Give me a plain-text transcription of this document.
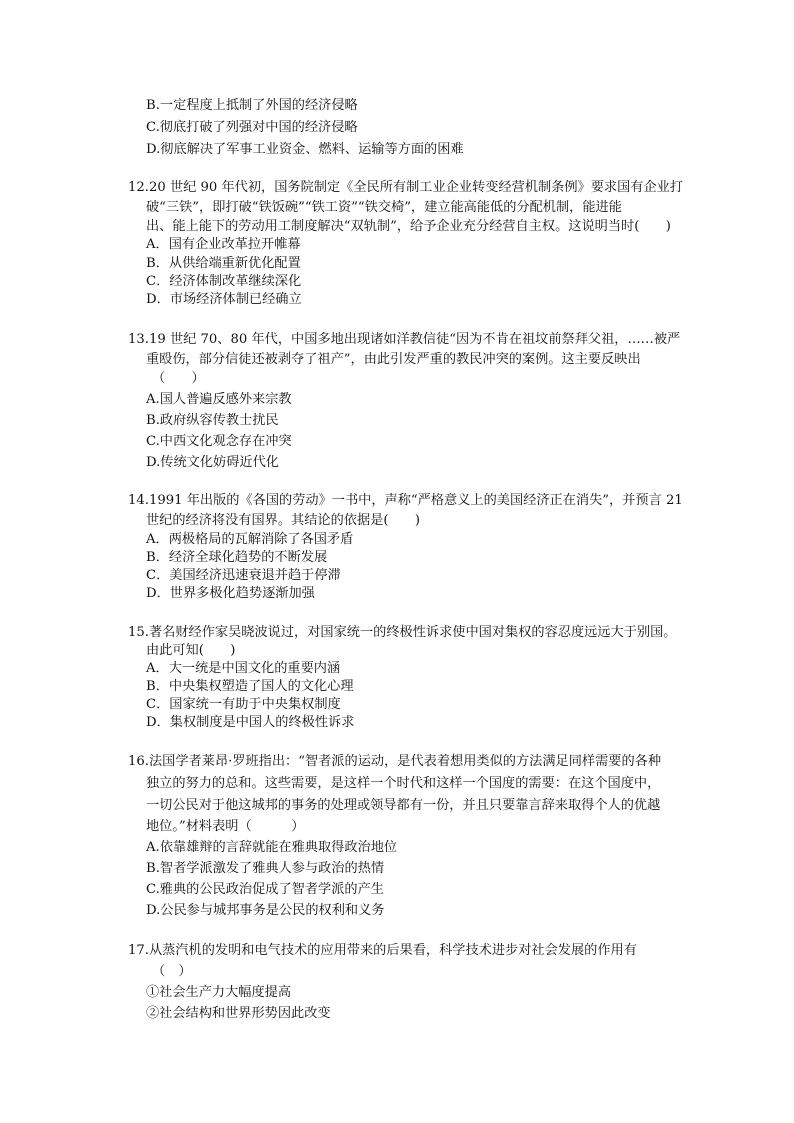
B.一定程度上抵制了外国的经济侵略
C.彻底打破了列强对中国的经济侵略
D.彻底解决了军事工业资金、燃料、运输等方面的困难
12.20 世纪 90 年代初，国务院制定《全民所有制工业企业转变经营机制条例》要求国有企业打
破“三铁”，即打破“铁饭碗”“铁工资”“铁交椅”，建立能高能低的分配机制，能进能
出、能上能下的劳动用工制度解决“双轨制”，给予企业充分经营自主权。这说明当时(　　)
A．国有企业改革拉开帷幕
B．从供给端重新优化配置
C．经济体制改革继续深化
D．市场经济体制已经确立
13.19 世纪 70、80 年代，中国多地出现诸如洋教信徒“因为不肯在祖坟前祭拜父祖，……被严
重殴伤，部分信徒还被剥夺了祖产”，由此引发严重的教民冲突的案例。这主要反映出
（　　）
A.国人普遍反感外来宗教
B.政府纵容传教士扰民
C.中西文化观念存在冲突
D.传统文化妨碍近代化
14.1991 年出版的《各国的劳动》一书中，声称“严格意义上的美国经济正在消失”，并预言 21
世纪的经济将没有国界。其结论的依据是(　　)
A．两极格局的瓦解消除了各国矛盾
B．经济全球化趋势的不断发展
C．美国经济迅速衰退并趋于停滞
D．世界多极化趋势逐渐加强
15.著名财经作家吴晓波说过，对国家统一的终极性诉求使中国对集权的容忍度远远大于别国。
由此可知(　　)
A．大一统是中国文化的重要内涵
B．中央集权塑造了国人的文化心理
C．国家统一有助于中央集权制度
D．集权制度是中国人的终极性诉求
16.法国学者莱昂·罗班指出：“智者派的运动，是代表着想用类似的方法满足同样需要的各种
独立的努力的总和。这些需要，是这样一个时代和这样一个国度的需要：在这个国度中，
一切公民对于他这城邦的事务的处理或领导都有一份，并且只要靠言辞来取得个人的优越
地位。”材料表明（　　　）
A.依靠雄辩的言辞就能在雅典取得政治地位
B.智者学派激发了雅典人参与政治的热情
C.雅典的公民政治促成了智者学派的产生
D.公民参与城邦事务是公民的权利和义务
17.从蒸汽机的发明和电气技术的应用带来的后果看，科学技术进步对社会发展的作用有
（　）
①社会生产力大幅度提高
②社会结构和世界形势因此改变
